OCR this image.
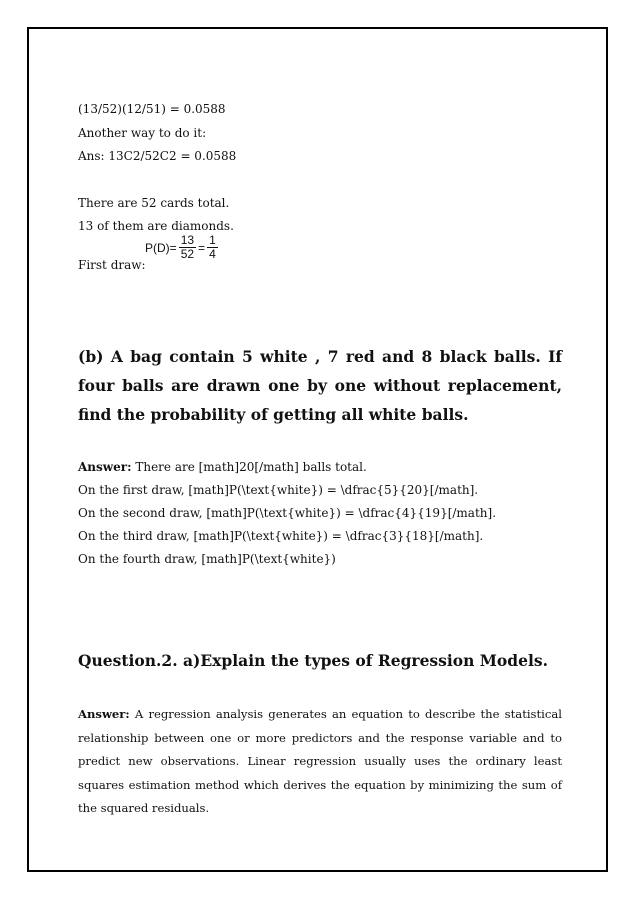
(13/52)(12/51) = 0.0588
Another way to do it:
Ans: 13C2/52C2 = 0.0588
There are 52 cards total.
13 of them are diamonds.
First draw:
$P(D) = \frac{13}{52} = \frac{1}{4}$
(b) A bag contain 5 white , 7 red and 8 black balls. If four balls are drawn one by one without replacement, find the probability of getting all white balls.
Answer: There are [math]20[/math] balls total.
On the first draw, [math]P(\text{white}) = \dfrac{5}{20}[/math].
On the second draw, [math]P(\text{white}) = \dfrac{4}{19}[/math].
On the third draw, [math]P(\text{white}) = \dfrac{3}{18}[/math].
On the fourth draw, [math]P(\text{white})
Question.2. a)Explain the types of Regression Models.
Answer: A regression analysis generates an equation to describe the statistical relationship between one or more predictors and the response variable and to predict new observations. Linear regression usually uses the ordinary least squares estimation method which derives the equation by minimizing the sum of the squared residuals.
